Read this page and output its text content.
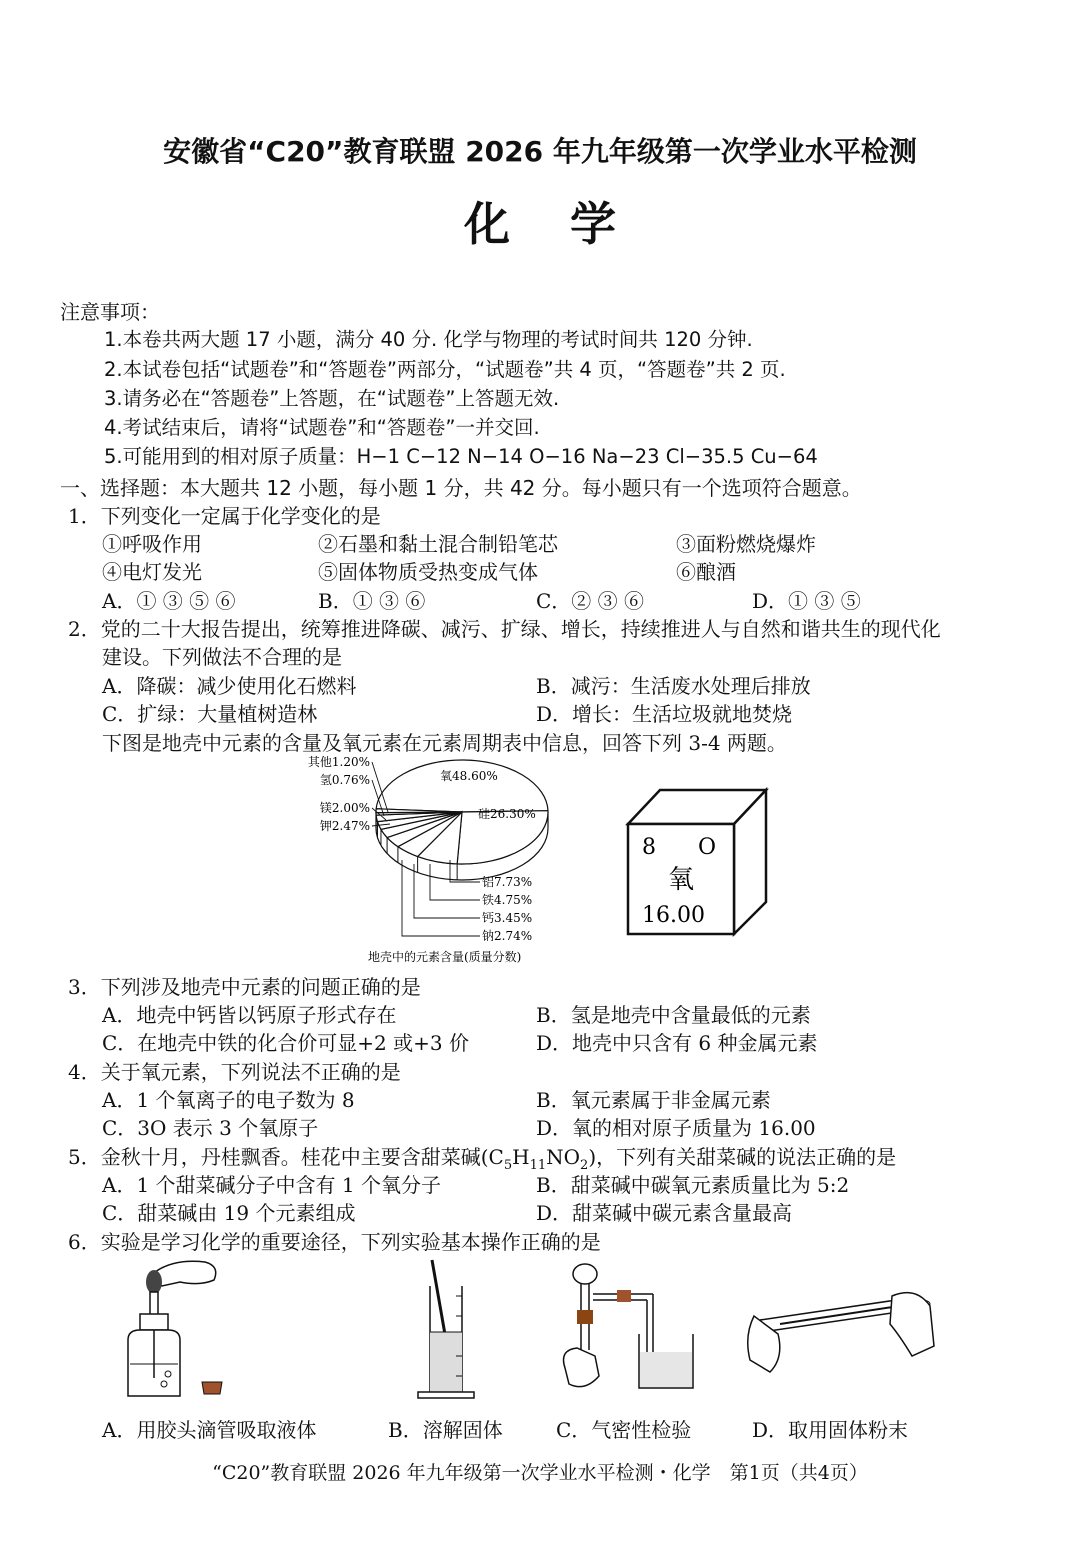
安徽省“C20”教育联盟 2026 年九年级第一次学业水平检测
化学
注意事项：
1.本卷共两大题 17 小题，满分 40 分. 化学与物理的考试时间共 120 分钟.
2.本试卷包括“试题卷”和“答题卷”两部分，“试题卷”共 4 页，“答题卷”共 2 页.
3.请务必在“答题卷”上答题，在“试题卷”上答题无效.
4.考试结束后，请将“试题卷”和“答题卷”一并交回.
5.可能用到的相对原子质量：H−1 C−12 N−14 O−16 Na−23 Cl−35.5 Cu−64
一、选择题：本大题共 12 小题，每小题 1 分，共 42 分。每小题只有一个选项符合题意。
1．下列变化一定属于化学变化的是
①呼吸作用	②石墨和黏土混合制铅笔芯	③面粉燃烧爆炸
④电灯发光	⑤固体物质受热变成气体	⑥酿酒
A．① ③ ⑤ ⑥	B．① ③ ⑥	C．② ③ ⑥	D．① ③ ⑤
2．党的二十大报告提出，统筹推进降碳、减污、扩绿、增长，持续推进人与自然和谐共生的现代化
建设。下列做法不合理的是
A．降碳：减少使用化石燃料	B．减污：生活废水处理后排放
C．扩绿：大量植树造林	D．增长：生活垃圾就地焚烧
下图是地壳中元素的含量及氧元素在元素周期表中信息，回答下列 3-4 两题。
氧48.60%
硅26.30%
铝7.73%
铁4.75%
钙3.45%
钠2.74%
钾2.47%
镁2.00%
氢0.76%
其他1.20%
地壳中的元素含量(质量分数)
8 O
氧
16.00
3．下列涉及地壳中元素的问题正确的是
A．地壳中钙皆以钙原子形式存在	B．氢是地壳中含量最低的元素
C．在地壳中铁的化合价可显+2 或+3 价	D．地壳中只含有 6 种金属元素
4．关于氧元素，下列说法不正确的是
A．1 个氧离子的电子数为 8	B．氧元素属于非金属元素
C．3O 表示 3 个氧原子	D．氧的相对原子质量为 16.00
5．金秋十月，丹桂飘香。桂花中主要含甜菜碱$(C_5H_{11}NO_2)$，下列有关甜菜碱的说法正确的是
A．1 个甜菜碱分子中含有 1 个氧分子	B．甜菜碱中碳氧元素质量比为 5:2
C．甜菜碱由 19 个元素组成	D．甜菜碱中碳元素含量最高
6．实验是学习化学的重要途径，下列实验基本操作正确的是
A．用胶头滴管吸取液体	B．溶解固体	C．气密性检验	D．取用固体粉末
“C20”教育联盟 2026 年九年级第一次学业水平检测・化学　第1页（共4页）
